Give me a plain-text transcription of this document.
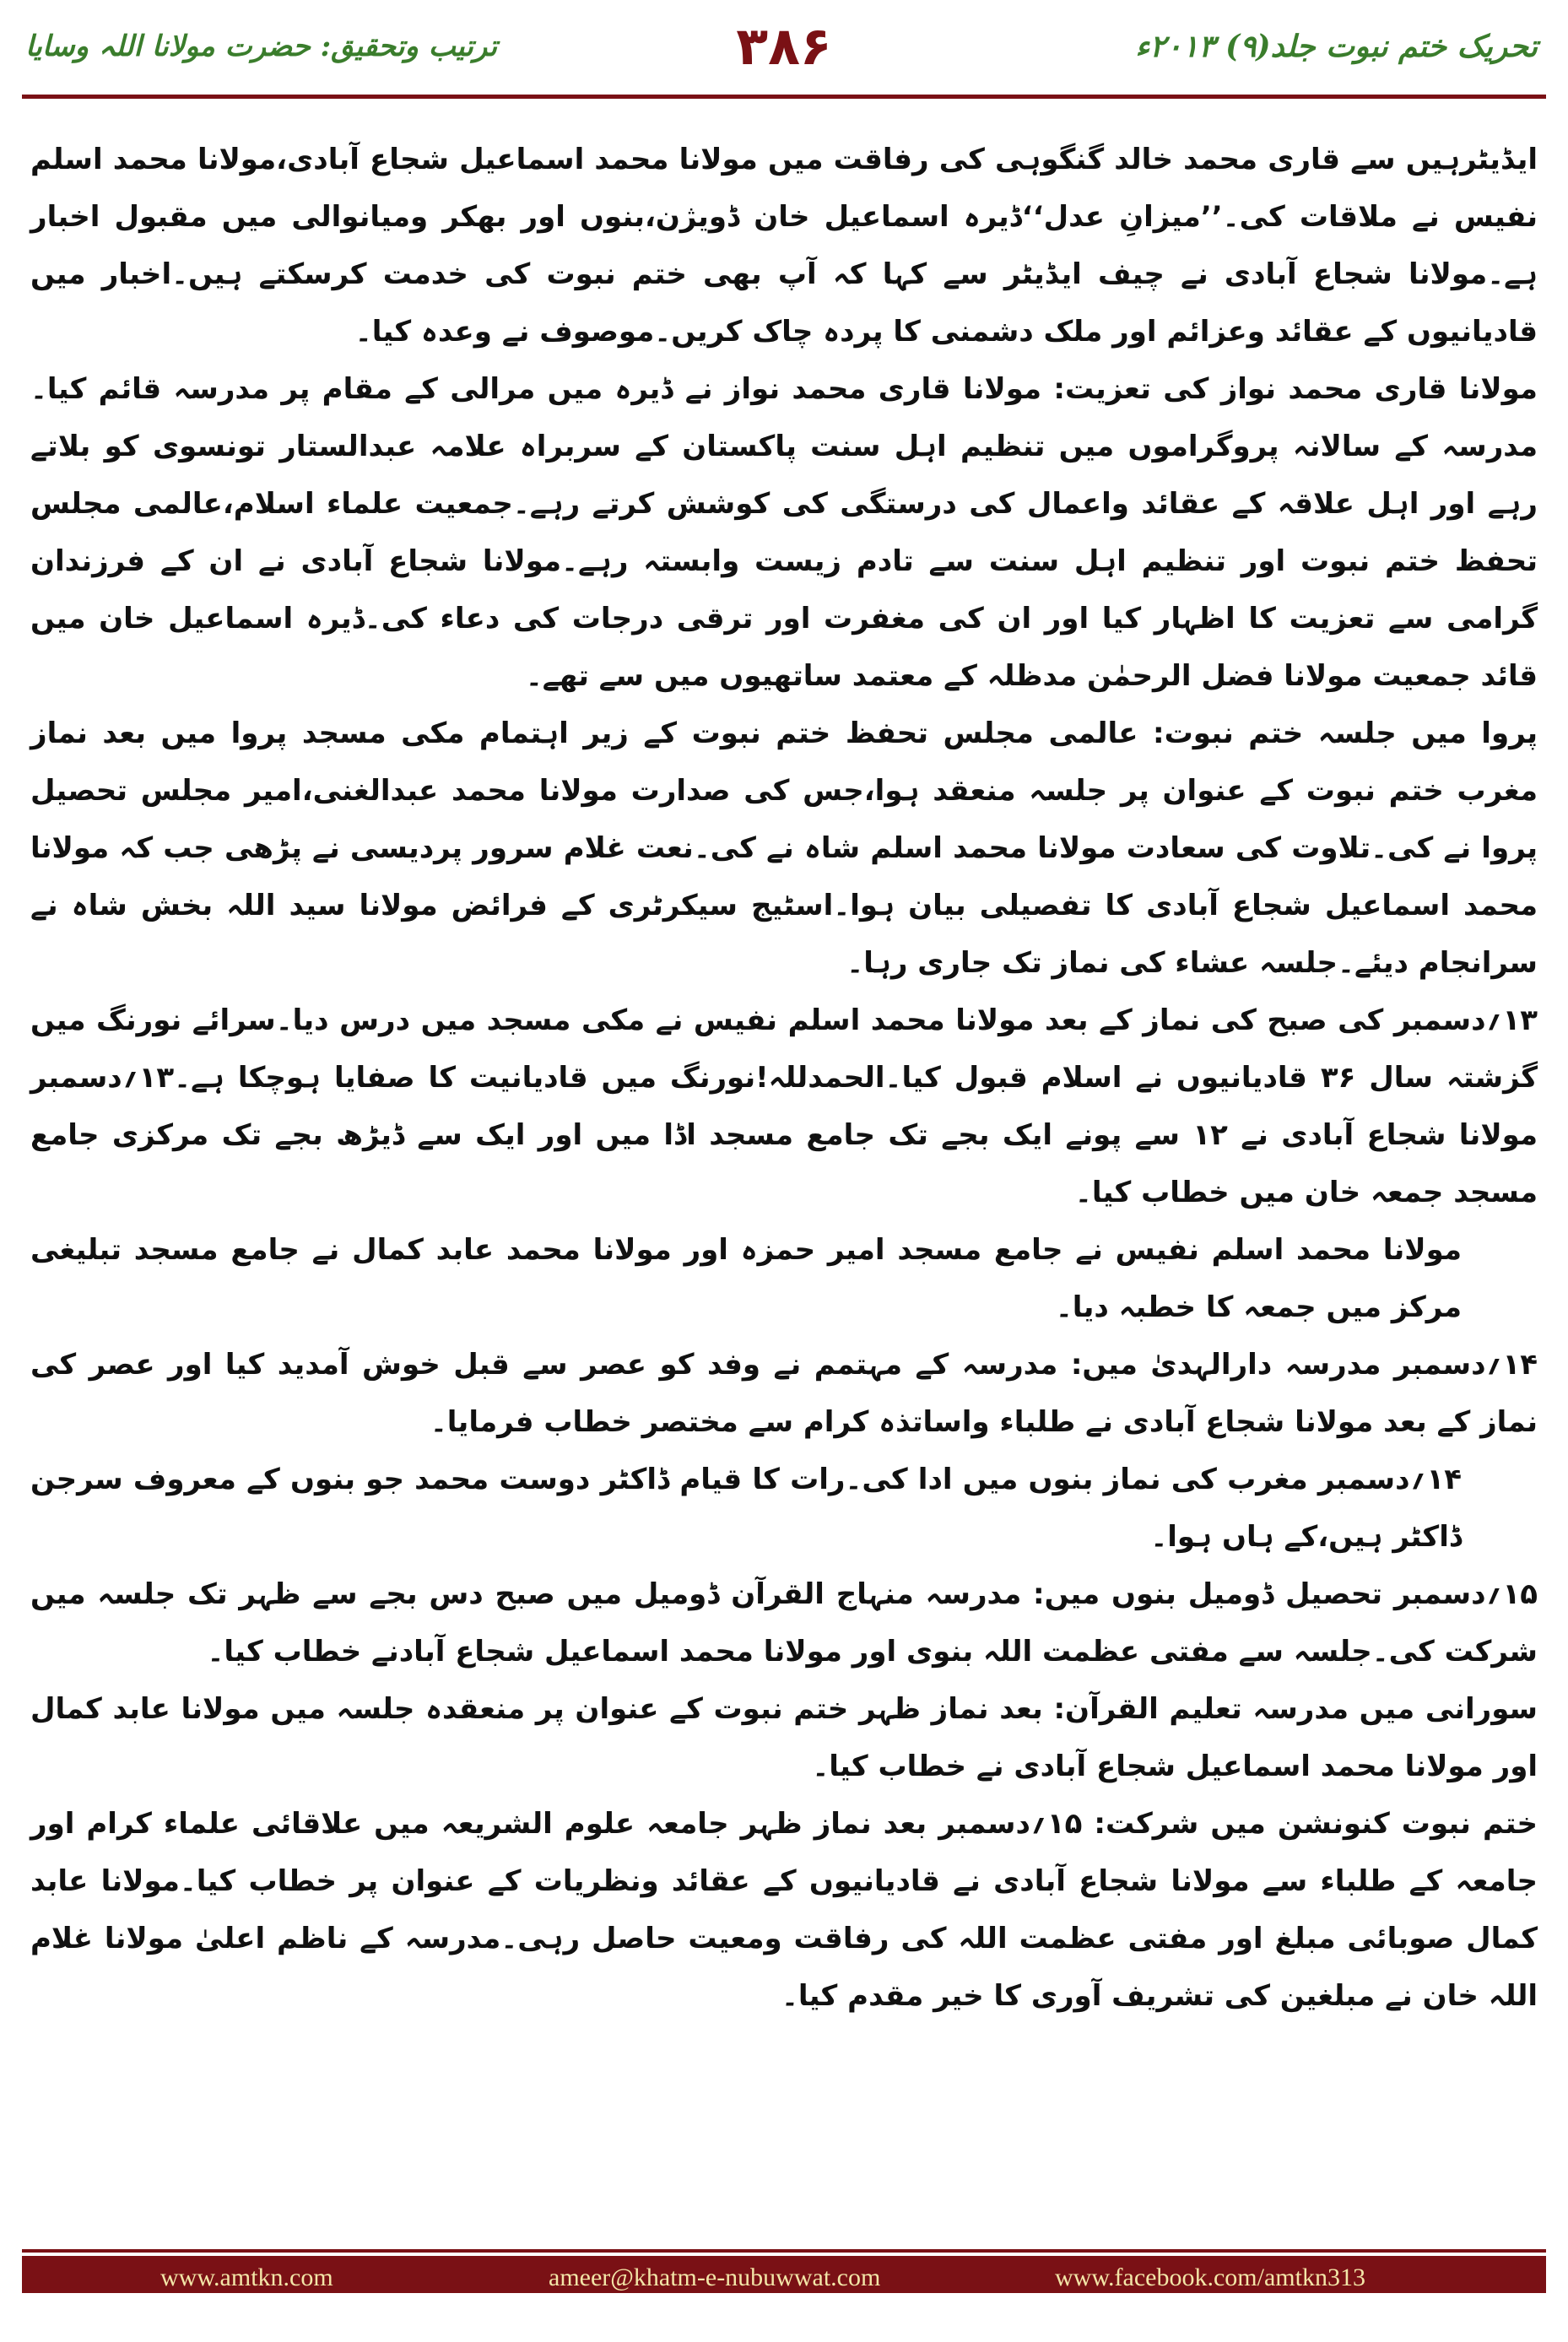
تحریک ختم نبوت جلد(۹) ۲۰۱۳ء
۳۸۶
ترتیب وتحقیق: حضرت مولانا اللہ وسایا

ایڈیٹرہیں سے قاری محمد خالد گنگوہی کی رفاقت میں مولانا محمد اسماعیل شجاع آبادی،مولانا محمد اسلم نفیس نے ملاقات کی۔’’میزانِ عدل‘‘ڈیرہ اسماعیل خان ڈویژن،بنوں اور بھکر ومیانوالی میں مقبول اخبار ہے۔مولانا شجاع آبادی نے چیف ایڈیٹر سے کہا کہ آپ بھی ختم نبوت کی خدمت کرسکتے ہیں۔اخبار میں قادیانیوں کے عقائد وعزائم اور ملک دشمنی کا پردہ چاک کریں۔موصوف نے وعدہ کیا۔

مولانا قاری محمد نواز کی تعزیت: مولانا قاری محمد نواز نے ڈیرہ میں مرالی کے مقام پر مدرسہ قائم کیا۔مدرسہ کے سالانہ پروگراموں میں تنظیم اہل سنت پاکستان کے سربراہ علامہ عبدالستار تونسوی کو بلاتے رہے اور اہل علاقہ کے عقائد واعمال کی درستگی کی کوشش کرتے رہے۔جمعیت علماء اسلام،عالمی مجلس تحفظ ختم نبوت اور تنظیم اہل سنت سے تادم زیست وابستہ رہے۔مولانا شجاع آبادی نے ان کے فرزندان گرامی سے تعزیت کا اظہار کیا اور ان کی مغفرت اور ترقی درجات کی دعاء کی۔ڈیرہ اسماعیل خان میں قائد جمعیت مولانا فضل الرحمٰن مدظلہ کے معتمد ساتھیوں میں سے تھے۔

پروا میں جلسہ ختم نبوت: عالمی مجلس تحفظ ختم نبوت کے زیر اہتمام مکی مسجد پروا میں بعد نماز مغرب ختم نبوت کے عنوان پر جلسہ منعقد ہوا،جس کی صدارت مولانا محمد عبدالغنی،امیر مجلس تحصیل پروا نے کی۔تلاوت کی سعادت مولانا محمد اسلم شاہ نے کی۔نعت غلام سرور پردیسی نے پڑھی جب کہ مولانا محمد اسماعیل شجاع آبادی کا تفصیلی بیان ہوا۔اسٹیج سیکرٹری کے فرائض مولانا سید اللہ بخش شاہ نے سرانجام دیئے۔جلسہ عشاء کی نماز تک جاری رہا۔

۱۳؍دسمبر کی صبح کی نماز کے بعد مولانا محمد اسلم نفیس نے مکی مسجد میں درس دیا۔سرائے نورنگ میں گزشتہ سال ۳۶ قادیانیوں نے اسلام قبول کیا۔الحمدللہ!نورنگ میں قادیانیت کا صفایا ہوچکا ہے۔۱۳؍دسمبر مولانا شجاع آبادی نے ۱۲ سے پونے ایک بجے تک جامع مسجد اڈا میں اور ایک سے ڈیڑھ بجے تک مرکزی جامع مسجد جمعہ خان میں خطاب کیا۔

مولانا محمد اسلم نفیس نے جامع مسجد امیر حمزہ اور مولانا محمد عابد کمال نے جامع مسجد تبلیغی مرکز میں جمعہ کا خطبہ دیا۔

۱۴؍دسمبر مدرسہ دارالہدیٰ میں: مدرسہ کے مہتمم نے وفد کو عصر سے قبل خوش آمدید کیا اور عصر کی نماز کے بعد مولانا شجاع آبادی نے طلباء واساتذہ کرام سے مختصر خطاب فرمایا۔

۱۴؍دسمبر مغرب کی نماز بنوں میں ادا کی۔رات کا قیام ڈاکٹر دوست محمد جو بنوں کے معروف سرجن ڈاکٹر ہیں،کے ہاں ہوا۔

۱۵؍دسمبر تحصیل ڈومیل بنوں میں: مدرسہ منہاج القرآن ڈومیل میں صبح دس بجے سے ظہر تک جلسہ میں شرکت کی۔جلسہ سے مفتی عظمت اللہ بنوی اور مولانا محمد اسماعیل شجاع آبادنے خطاب کیا۔

سورانی میں مدرسہ تعلیم القرآن: بعد نماز ظہر ختم نبوت کے عنوان پر منعقدہ جلسہ میں مولانا عابد کمال اور مولانا محمد اسماعیل شجاع آبادی نے خطاب کیا۔

ختم نبوت کنونشن میں شرکت: ۱۵؍دسمبر بعد نماز ظہر جامعہ علوم الشریعہ میں علاقائی علماء کرام اور جامعہ کے طلباء سے مولانا شجاع آبادی نے قادیانیوں کے عقائد ونظریات کے عنوان پر خطاب کیا۔مولانا عابد کمال صوبائی مبلغ اور مفتی عظمت اللہ کی رفاقت ومعیت حاصل رہی۔مدرسہ کے ناظم اعلیٰ مولانا غلام اللہ خان نے مبلغین کی تشریف آوری کا خیر مقدم کیا۔

www.amtkn.com	ameer@khatm-e-nubuwwat.com	www.facebook.com/amtkn313
